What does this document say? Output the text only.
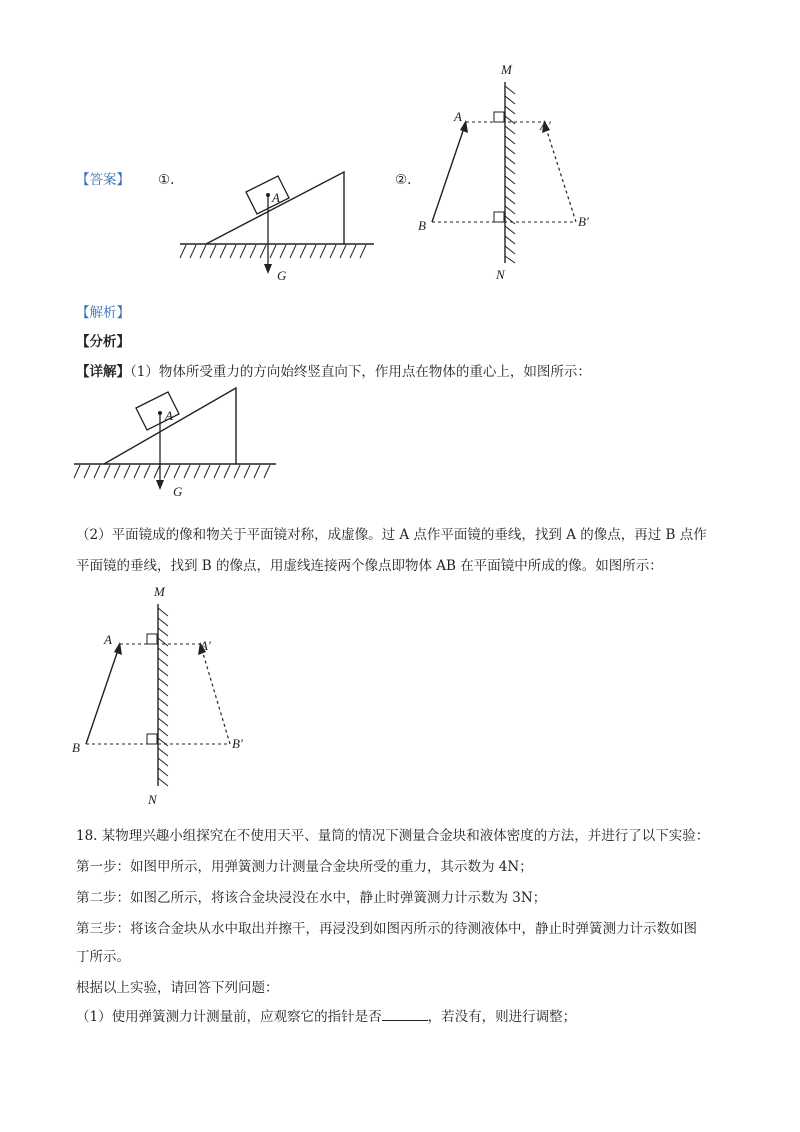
【答案】 ①.	②.
A
G
M
A
A′
B	B′
N
【解析】
【分析】
【详解】（1）物体所受重力的方向始终竖直向下，作用点在物体的重心上，如图所示：
A
G
（2）平面镜成的像和物关于平面镜对称，成虚像。过 A 点作平面镜的垂线，找到 A 的像点，再过 B 点作
平面镜的垂线，找到 B 的像点，用虚线连接两个像点即物体 AB 在平面镜中所成的像。如图所示：
M
A	A′
B	B′
N
18. 某物理兴趣小组探究在不使用天平、量筒的情况下测量合金块和液体密度的方法，并进行了以下实验：
第一步：如图甲所示，用弹簧测力计测量合金块所受的重力，其示数为 4N；
第二步：如图乙所示，将该合金块浸没在水中，静止时弹簧测力计示数为 3N；
第三步：将该合金块从水中取出并擦干，再浸没到如图丙所示的待测液体中，静止时弹簧测力计示数如图
丁所示。
根据以上实验，请回答下列问题：
（1）使用弹簧测力计测量前，应观察它的指针是否	，若没有，则进行调整；
